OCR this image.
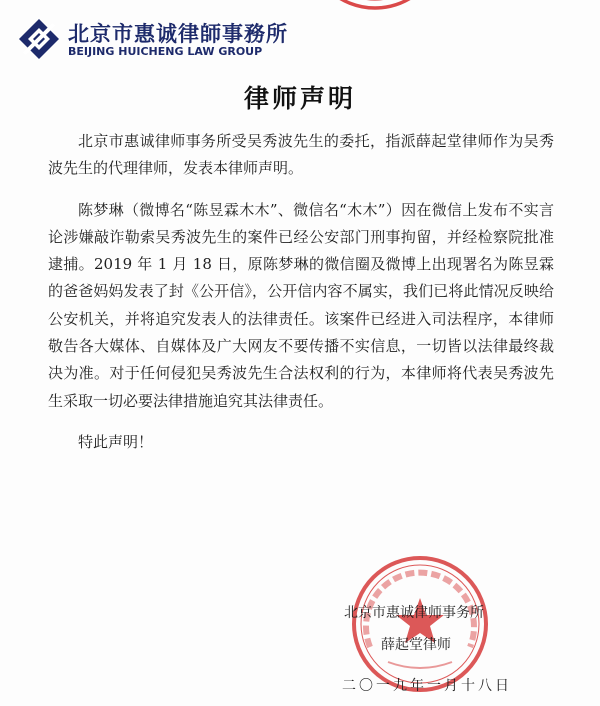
北京市惠诚律師事務所
BEIJING HUICHENG LAW GROUP
律师声明

北京市惠诚律师事务所受吴秀波先生的委托，指派薛起堂律师作为吴秀波先生的代理律师，发表本律师声明。

陈梦琳（微博名“陈昱霖木木”、微信名“木木”）因在微信上发布不实言论涉嫌敲诈勒索吴秀波先生的案件已经公安部门刑事拘留，并经检察院批准逮捕。2019 年 1 月 18 日，原陈梦琳的微信圈及微博上出现署名为陈昱霖的爸爸妈妈发表了封《公开信》，公开信内容不属实，我们已将此情况反映给公安机关，并将追究发表人的法律责任。该案件已经进入司法程序，本律师敬告各大媒体、自媒体及广大网友不要传播不实信息，一切皆以法律最终裁决为准。对于任何侵犯吴秀波先生合法权利的行为，本律师将代表吴秀波先生采取一切必要法律措施追究其法律责任。

特此声明！

北京市惠诚律师事务所
薛起堂律师
二〇一九年一月十八日
